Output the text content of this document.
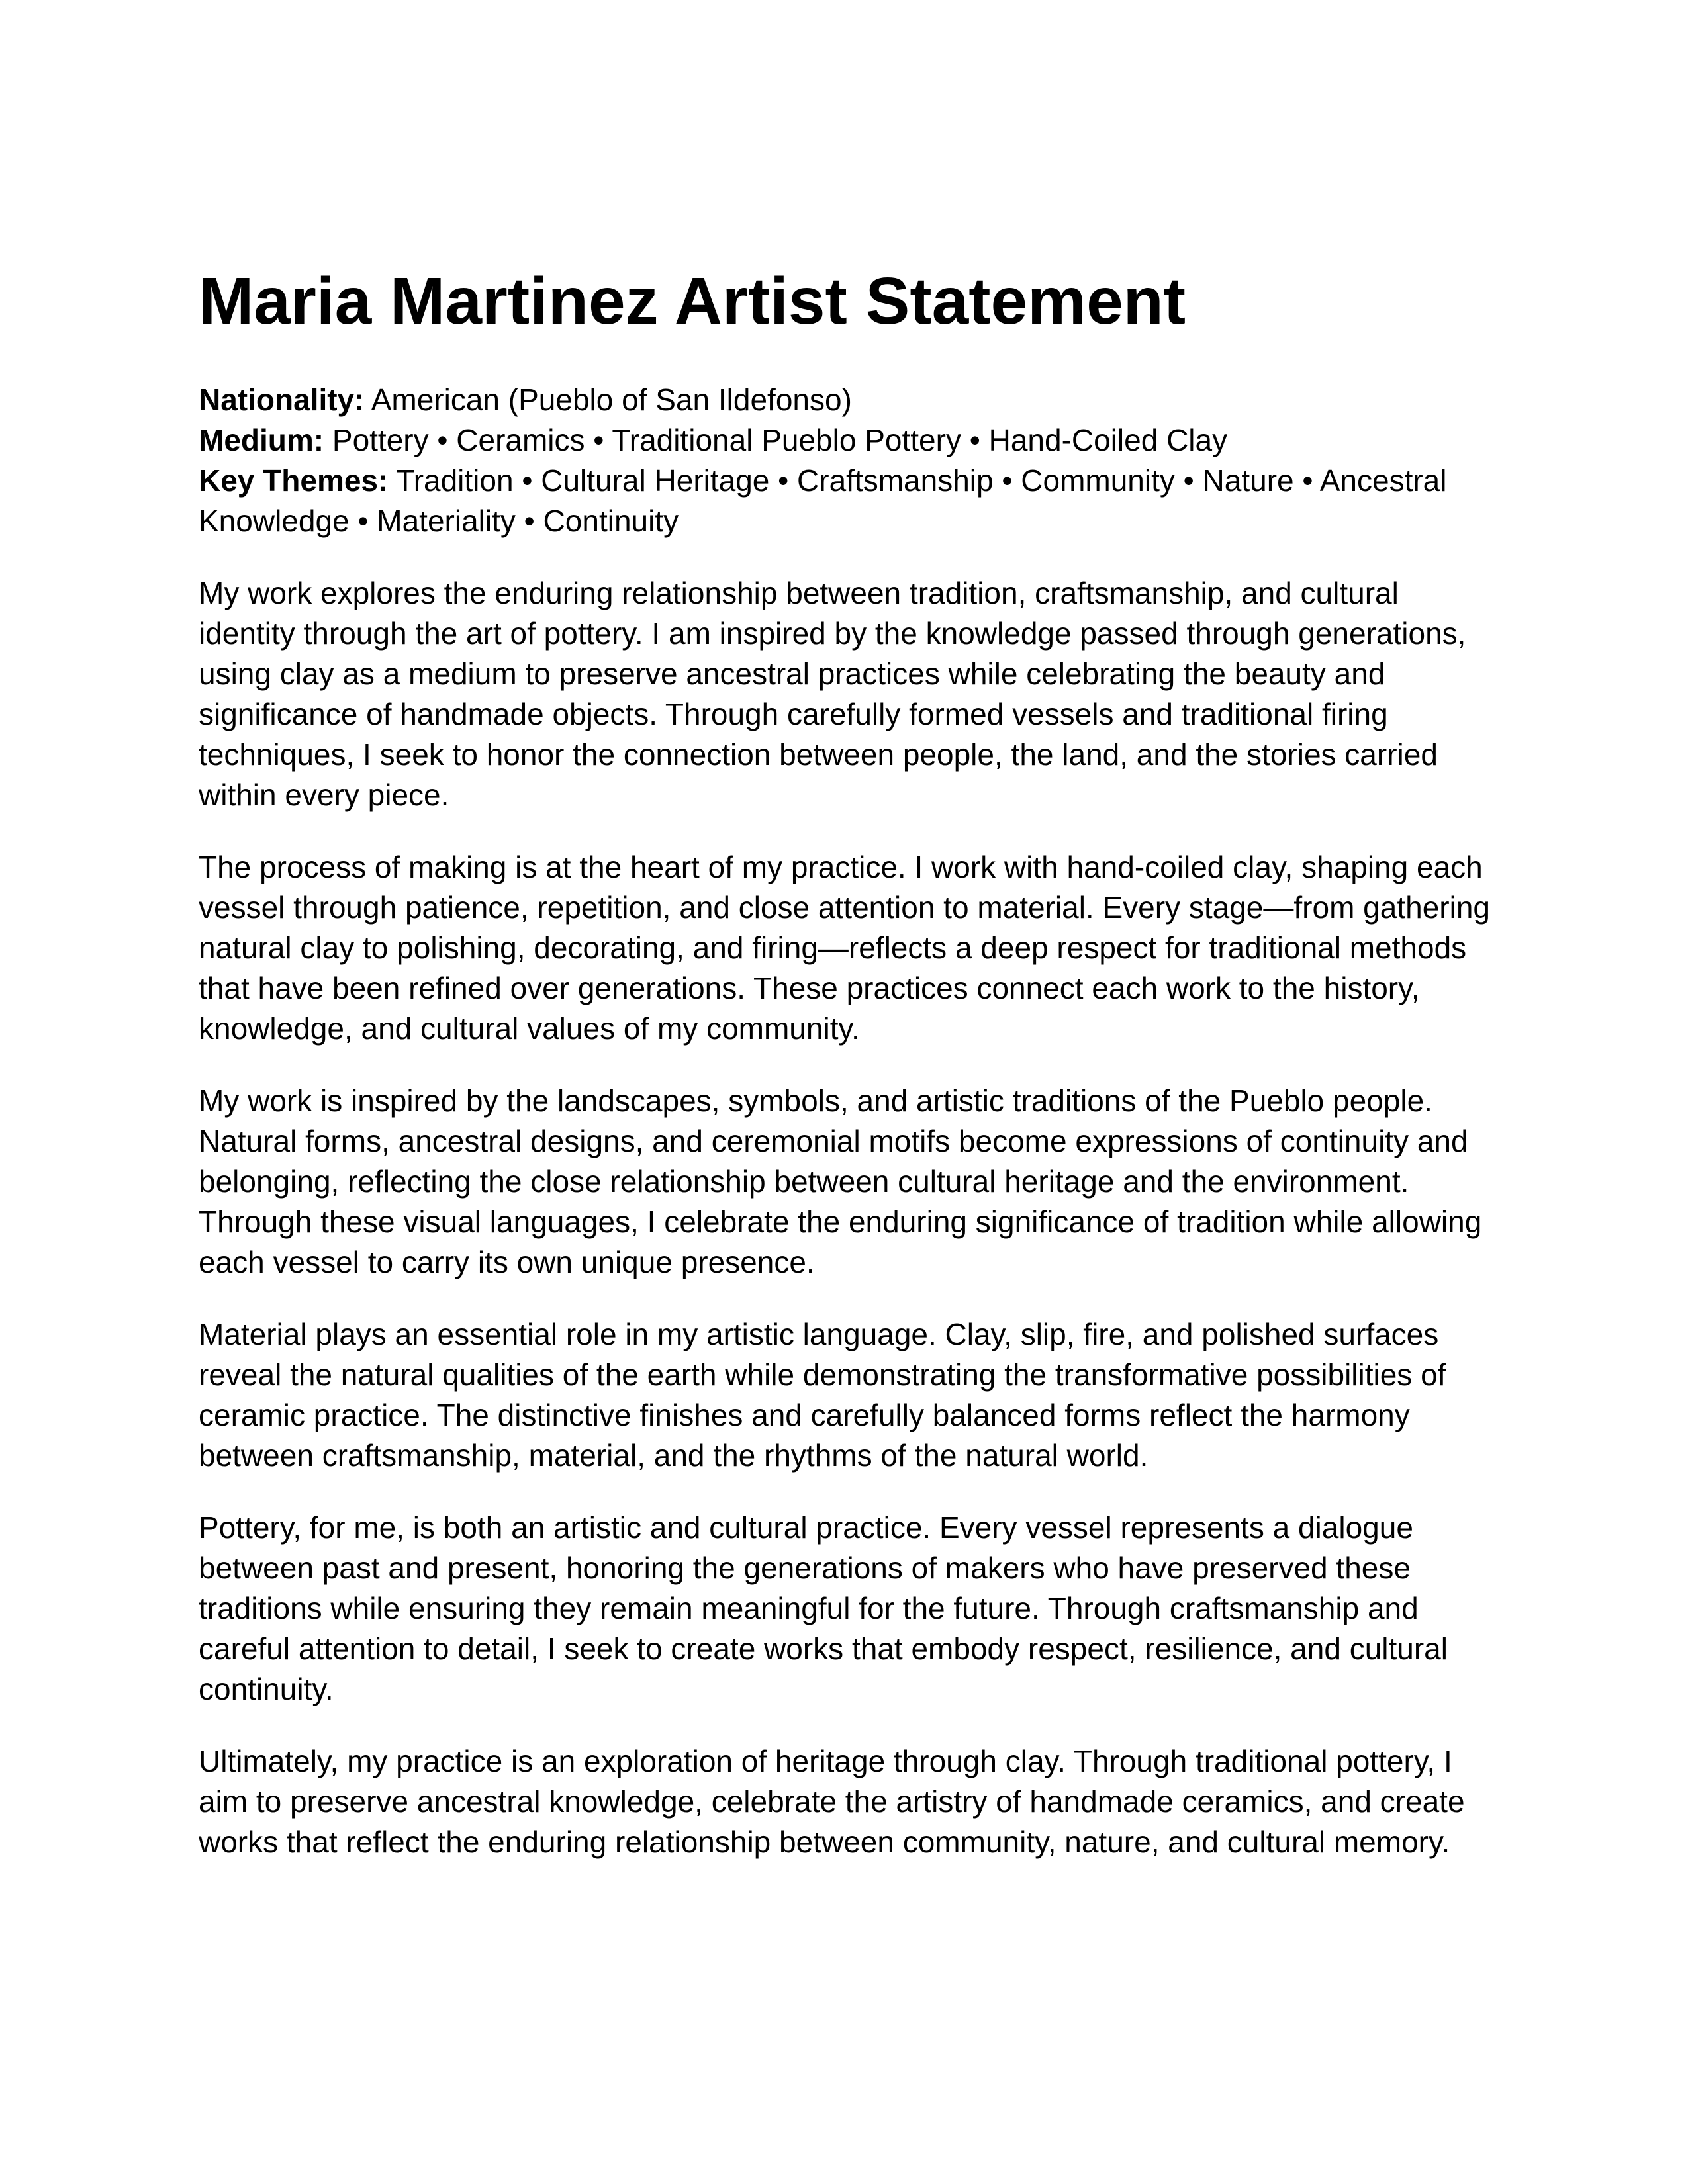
Maria Martinez Artist Statement
Nationality: American (Pueblo of San Ildefonso)
Medium: Pottery • Ceramics • Traditional Pueblo Pottery • Hand-Coiled Clay
Key Themes: Tradition • Cultural Heritage • Craftsmanship • Community • Nature • Ancestral Knowledge • Materiality • Continuity

My work explores the enduring relationship between tradition, craftsmanship, and cultural identity through the art of pottery. I am inspired by the knowledge passed through generations, using clay as a medium to preserve ancestral practices while celebrating the beauty and significance of handmade objects. Through carefully formed vessels and traditional firing techniques, I seek to honor the connection between people, the land, and the stories carried within every piece.

The process of making is at the heart of my practice. I work with hand-coiled clay, shaping each vessel through patience, repetition, and close attention to material. Every stage—from gathering natural clay to polishing, decorating, and firing—reflects a deep respect for traditional methods that have been refined over generations. These practices connect each work to the history, knowledge, and cultural values of my community.

My work is inspired by the landscapes, symbols, and artistic traditions of the Pueblo people. Natural forms, ancestral designs, and ceremonial motifs become expressions of continuity and belonging, reflecting the close relationship between cultural heritage and the environment. Through these visual languages, I celebrate the enduring significance of tradition while allowing each vessel to carry its own unique presence.

Material plays an essential role in my artistic language. Clay, slip, fire, and polished surfaces reveal the natural qualities of the earth while demonstrating the transformative possibilities of ceramic practice. The distinctive finishes and carefully balanced forms reflect the harmony between craftsmanship, material, and the rhythms of the natural world.

Pottery, for me, is both an artistic and cultural practice. Every vessel represents a dialogue between past and present, honoring the generations of makers who have preserved these traditions while ensuring they remain meaningful for the future. Through craftsmanship and careful attention to detail, I seek to create works that embody respect, resilience, and cultural continuity.

Ultimately, my practice is an exploration of heritage through clay. Through traditional pottery, I aim to preserve ancestral knowledge, celebrate the artistry of handmade ceramics, and create works that reflect the enduring relationship between community, nature, and cultural memory.
